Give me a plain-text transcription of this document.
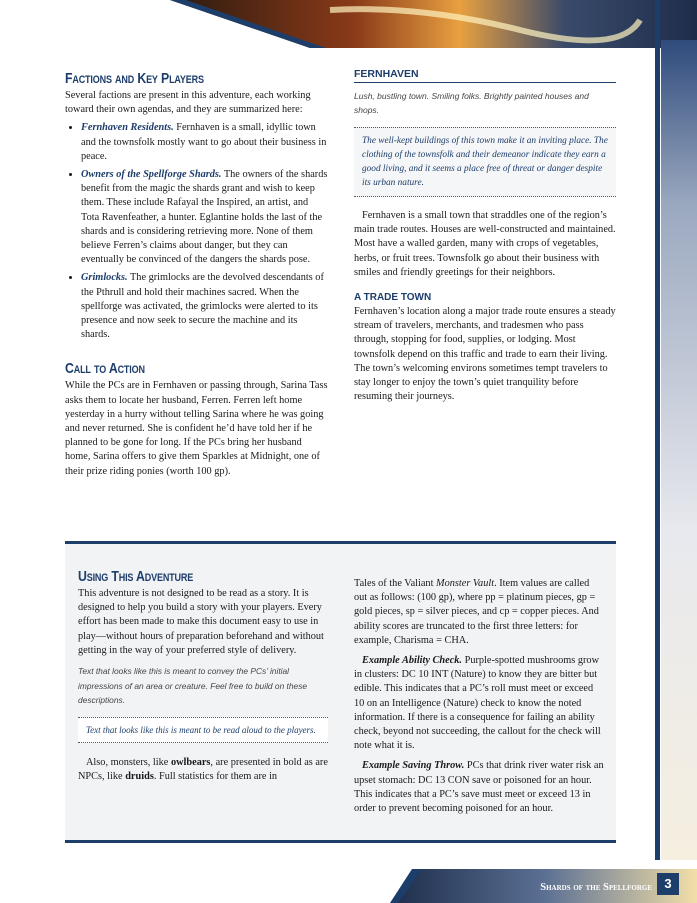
Factions and Key Players

Several factions are present in this adventure, each working toward their own agendas, and they are summarized here:

• Fernhaven Residents. Fernhaven is a small, idyllic town and the townsfolk mostly want to go about their business in peace.
• Owners of the Spellforge Shards. The owners of the shards benefit from the magic the shards grant and wish to keep them. These include Rafayal the Inspired, an artist, and Tota Ravenfeather, a hunter. Eglantine holds the last of the shards and is considering retrieving more. None of them believe Ferren’s claims about danger, but they can eventually be convinced of the dangers the shards pose.
• Grimlocks. The grimlocks are the devolved descendants of the Pthrull and hold their machines sacred. When the spellforge was activated, the grimlocks were alerted to its presence and now seek to secure the machine and its shards.
Call to Action

While the PCs are in Fernhaven or passing through, Sarina Tass asks them to locate her husband, Ferren. Ferren left home yesterday in a hurry without telling Sarina where he was going and never returned. She is confident he’d have told her if he planned to be gone for long. If the PCs bring her husband home, Sarina offers to give them Sparkles at Midnight, one of their prize riding ponies (worth 100 gp).

FERNHAVEN
Lush, bustling town. Smiling folks. Brightly painted houses and shops.
The well-kept buildings of this town make it an inviting place. The clothing of the townsfolk and their demeanor indicate they earn a good living, and it seems a place free of threat or danger despite its urban nature.

Fernhaven is a small town that straddles one of the region’s main trade routes. Houses are well-constructed and maintained. Most have a walled garden, many with crops of vegetables, herbs, or fruit trees. Townsfolk go about their business with smiles and friendly greetings for their neighbors.

A TRADE TOWN

Fernhaven’s location along a major trade route ensures a steady stream of travelers, merchants, and tradesmen who pass through, stopping for food, supplies, or lodging. Most townsfolk depend on this traffic and trade to earn their living. The town’s welcoming environs sometimes tempt travelers to stay longer to enjoy the town’s quiet tranquility before resuming their journeys.

Using This Adventure

This adventure is not designed to be read as a story. It is designed to help you build a story with your players. Every effort has been made to make this document easy to use in play—without hours of preparation beforehand and without getting in the way of your preferred style of delivery.

Text that looks like this is meant to convey the PCs’ initial impressions of an area or creature. Feel free to build on these descriptions.
Text that looks like this is meant to be read aloud to the players.

Also, monsters, like owlbears, are presented in bold as are NPCs, like druids. Full statistics for them are in

Tales of the Valiant Monster Vault. Item values are called out as follows: (100 gp), where pp = platinum pieces, gp = gold pieces, sp = silver pieces, and cp = copper pieces. And ability scores are truncated to the first three letters: for example, Charisma = CHA.

Example Ability Check. Purple-spotted mushrooms grow in clusters: DC 10 INT (Nature) to know they are bitter but edible. This indicates that a PC’s roll must meet or exceed 10 on an Intelligence (Nature) check to know the noted information. If there is a consequence for failing an ability check, beyond not succeeding, the callout for the check will note what it is.

Example Saving Throw. PCs that drink river water risk an upset stomach: DC 13 CON save or poisoned for an hour. This indicates that a PC’s save must meet or exceed 13 in order to prevent becoming poisoned for an hour.

Shards of the Spellforge 3
